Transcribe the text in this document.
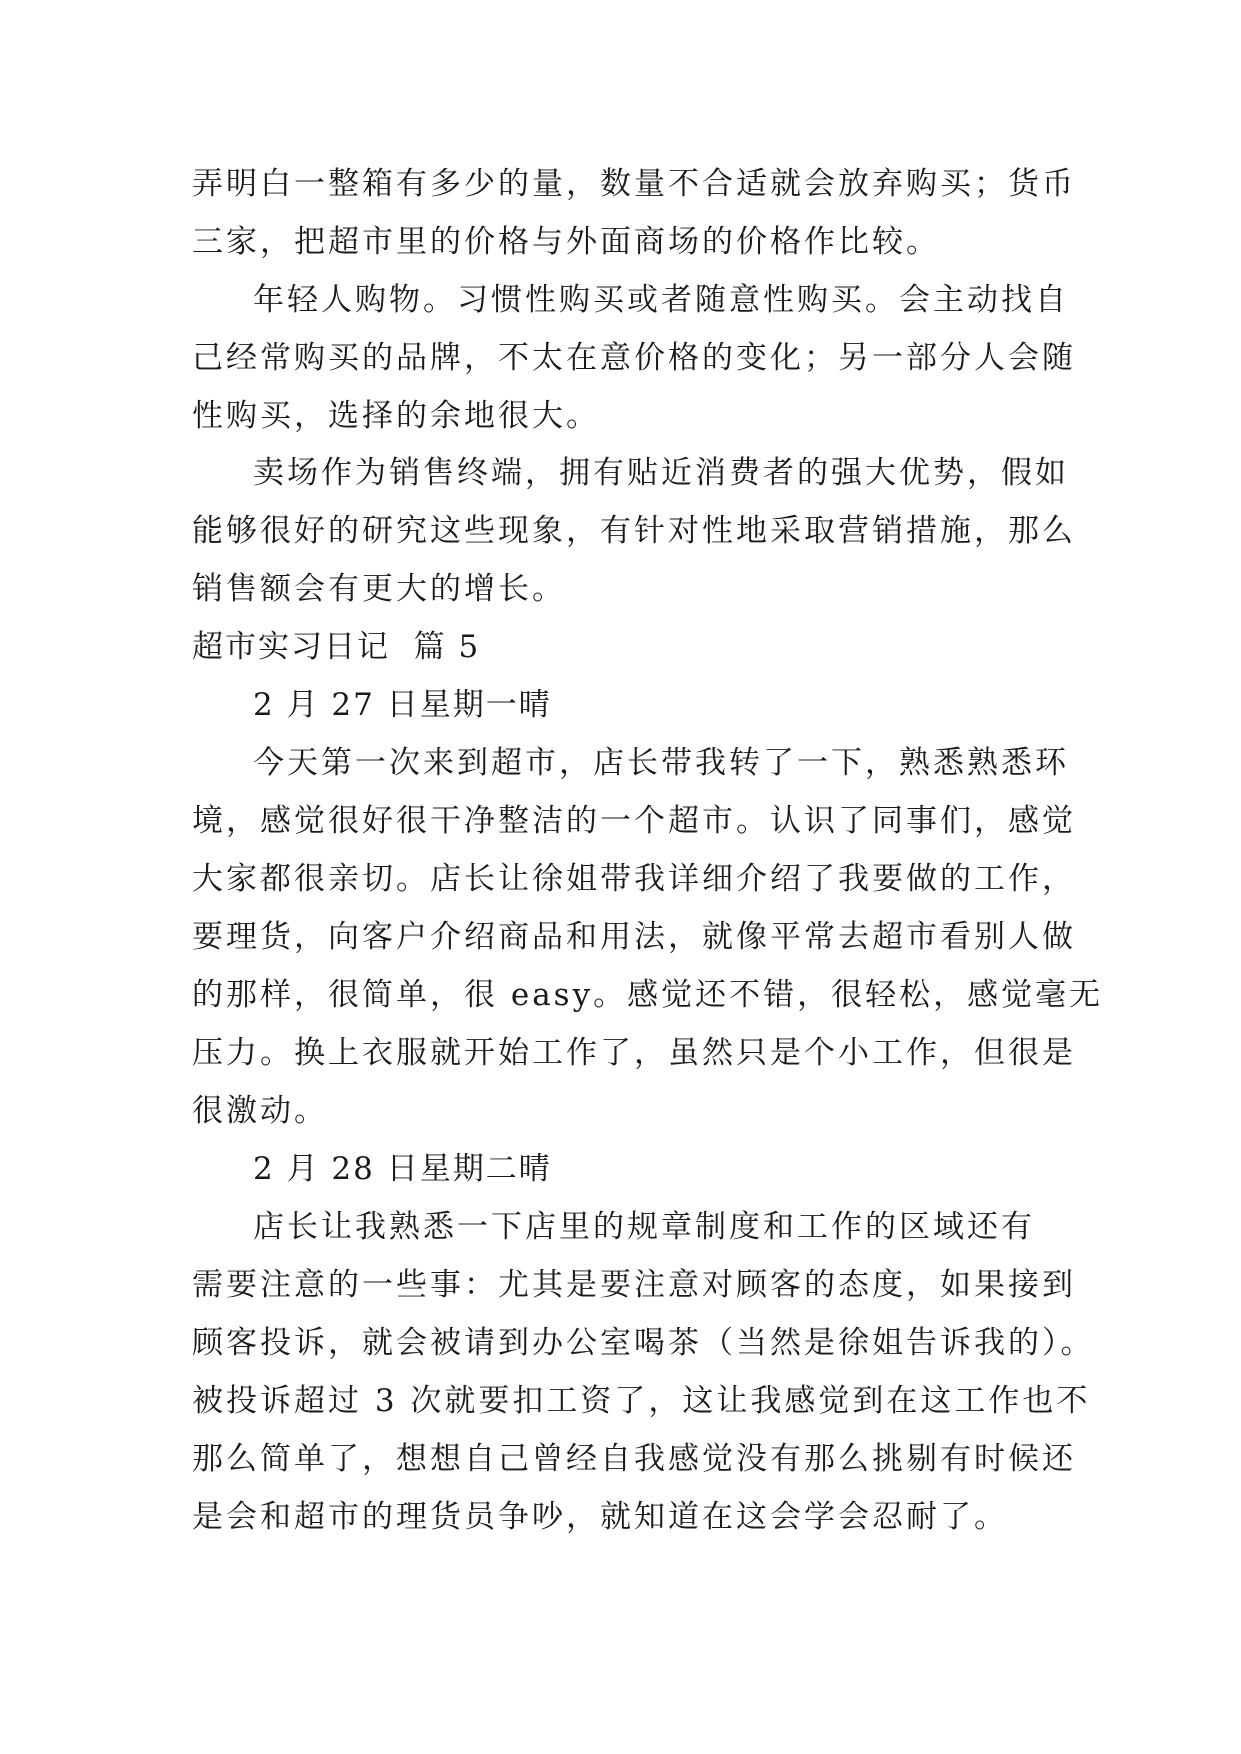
弄明白一整箱有多少的量，数量不合适就会放弃购买；货币

三家，把超市里的价格与外面商场的价格作比较。

年轻人购物。习惯性购买或者随意性购买。会主动找自

己经常购买的品牌，不太在意价格的变化；另一部分人会随

性购买，选择的余地很大。

卖场作为销售终端，拥有贴近消费者的强大优势，假如

能够很好的研究这些现象，有针对性地采取营销措施，那么

销售额会有更大的增长。

超市实习日记  篇 5

2 月 27 日星期一晴

今天第一次来到超市，店长带我转了一下，熟悉熟悉环

境，感觉很好很干净整洁的一个超市。认识了同事们，感觉

大家都很亲切。店长让徐姐带我详细介绍了我要做的工作，

要理货，向客户介绍商品和用法，就像平常去超市看别人做

的那样，很简单，很 easy。感觉还不错，很轻松，感觉毫无

压力。换上衣服就开始工作了，虽然只是个小工作，但很是

很激动。

2 月 28 日星期二晴

店长让我熟悉一下店里的规章制度和工作的区域还有

需要注意的一些事：尤其是要注意对顾客的态度，如果接到

顾客投诉，就会被请到办公室喝茶（当然是徐姐告诉我的）。

被投诉超过 3 次就要扣工资了，这让我感觉到在这工作也不

那么简单了，想想自己曾经自我感觉没有那么挑剔有时候还

是会和超市的理货员争吵，就知道在这会学会忍耐了。
